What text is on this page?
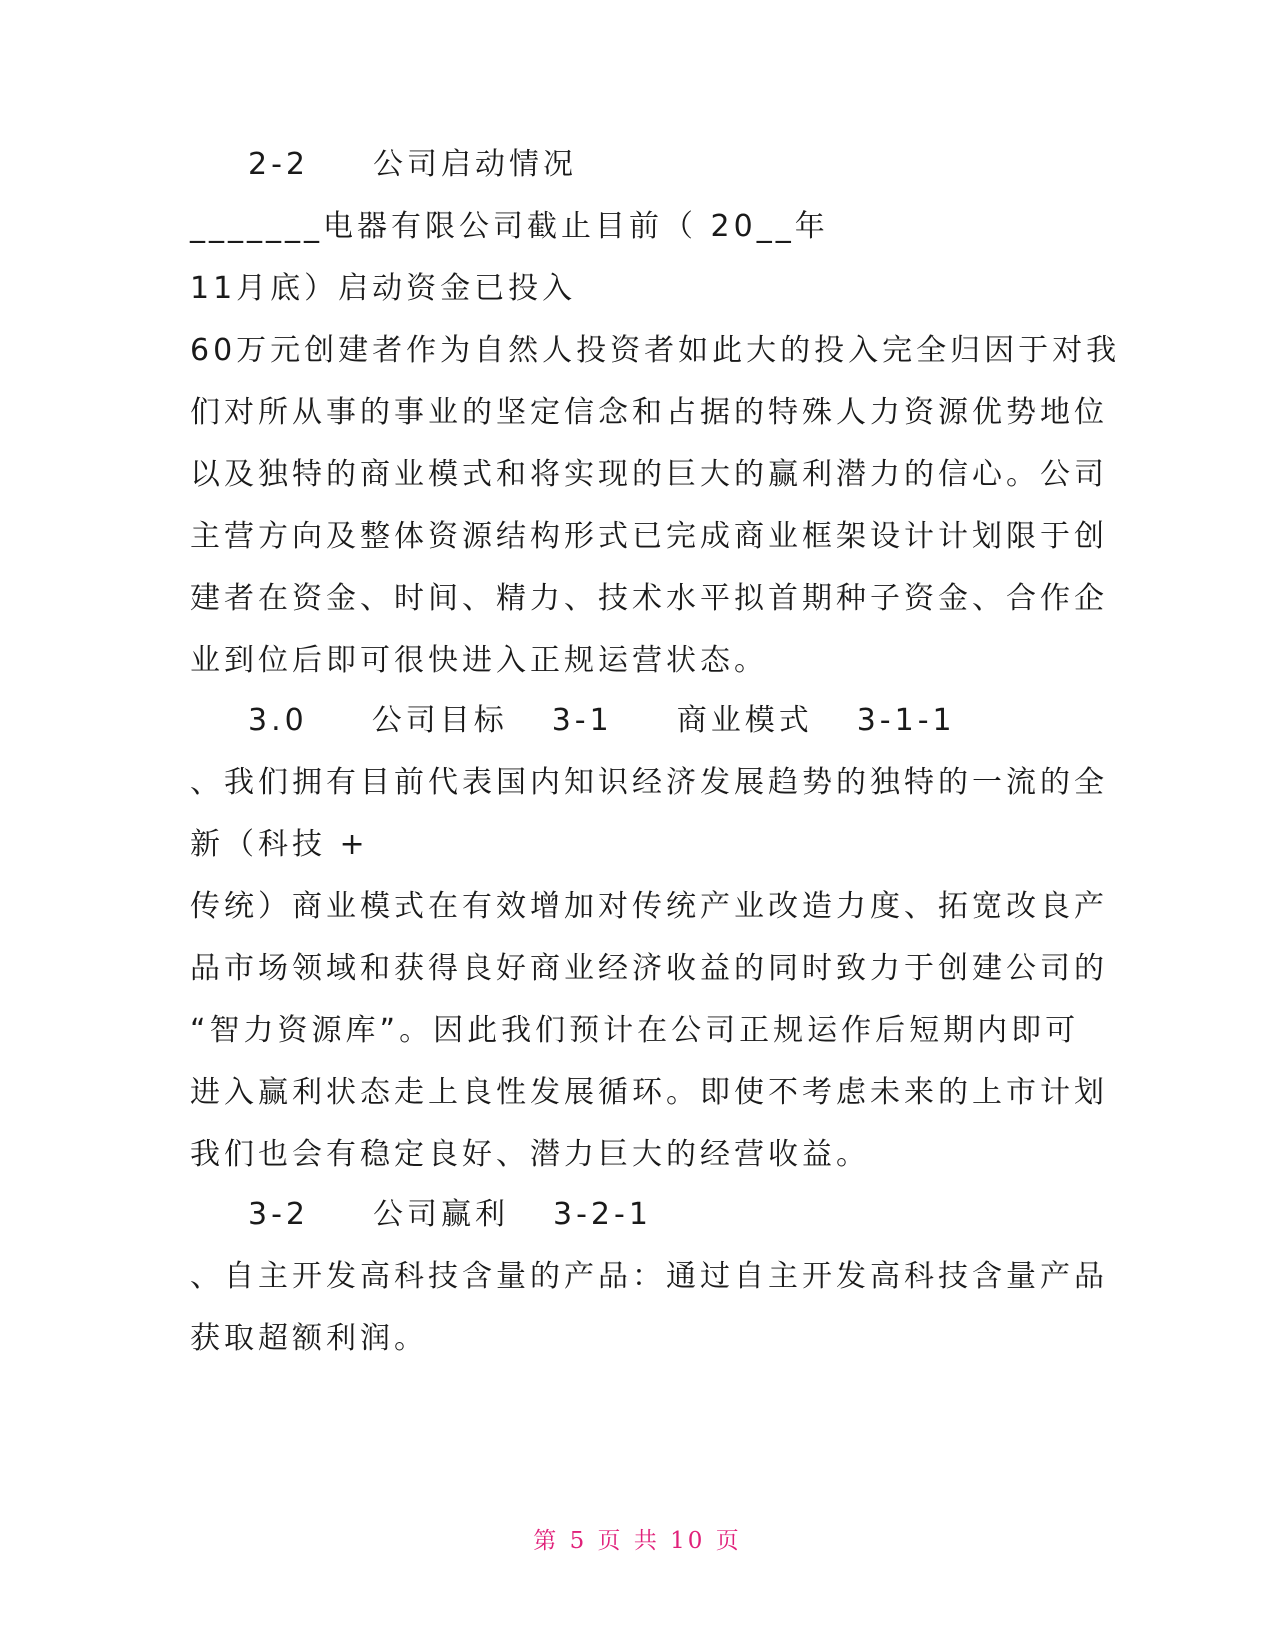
2-2 公司启动情况
_______电器有限公司截止目前（ 20__年
11月底）启动资金已投入
60万元创建者作为自然人投资者如此大的投入完全归因于对我
们对所从事的事业的坚定信念和占据的特殊人力资源优势地位
以及独特的商业模式和将实现的巨大的赢利潜力的信心。公司
主营方向及整体资源结构形式已完成商业框架设计计划限于创
建者在资金、时间、精力、技术水平拟首期种子资金、合作企
业到位后即可很快进入正规运营状态。
3.0 公司目标 3-1 商业模式 3-1-1
、我们拥有目前代表国内知识经济发展趋势的独特的一流的全
新（科技 +
传统）商业模式在有效增加对传统产业改造力度、拓宽改良产
品市场领域和获得良好商业经济收益的同时致力于创建公司的
“智力资源库”。因此我们预计在公司正规运作后短期内即可
进入赢利状态走上良性发展循环。即使不考虑未来的上市计划
我们也会有稳定良好、潜力巨大的经营收益。
3-2 公司赢利 3-2-1
、自主开发高科技含量的产品：通过自主开发高科技含量产品
获取超额利润。
第 5 页 共 10 页
